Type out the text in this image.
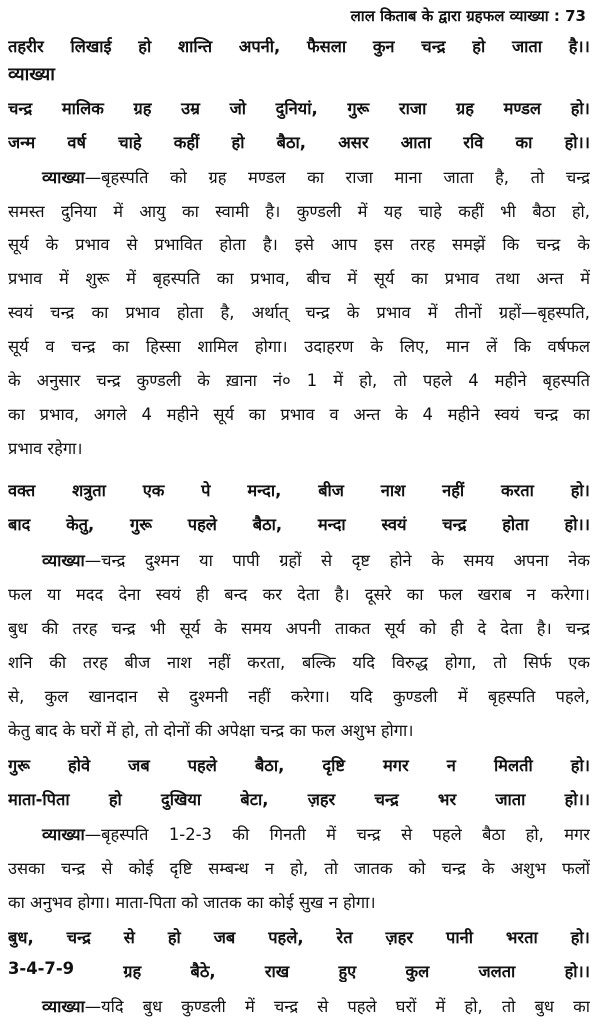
लाल किताब के द्वारा ग्रहफल व्याख्या : 73
तहरीर लिखाई हो शान्ति अपनी, फैसला कुन चन्द्र हो जाता है।।
व्याख्या
चन्द्र मालिक ग्रह उम्र जो दुनियां, गुरू राजा ग्रह मण्डल हो।
जन्म वर्ष चाहे कहीं हो बैठा, असर आता रवि का हो।।
व्याख्या—बृहस्पति को ग्रह मण्डल का राजा माना जाता है, तो चन्द्र
समस्त दुनिया में आयु का स्वामी है। कुण्डली में यह चाहे कहीं भी बैठा हो,
सूर्य के प्रभाव से प्रभावित होता है। इसे आप इस तरह समझें कि चन्द्र के
प्रभाव में शुरू में बृहस्पति का प्रभाव, बीच में सूर्य का प्रभाव तथा अन्त में
स्वयं चन्द्र का प्रभाव होता है, अर्थात् चन्द्र के प्रभाव में तीनों ग्रहों—बृहस्पति,
सूर्य व चन्द्र का हिस्सा शामिल होगा। उदाहरण के लिए, मान लें कि वर्षफल
के अनुसार चन्द्र कुण्डली के ख़ाना नं० 1 में हो, तो पहले 4 महीने बृहस्पति
का प्रभाव, अगले 4 महीने सूर्य का प्रभाव व अन्त के 4 महीने स्वयं चन्द्र का
प्रभाव रहेगा।
वक्त शत्रुता एक पे मन्दा, बीज नाश नहीं करता हो।
बाद केतु, गुरू पहले बैठा, मन्दा स्वयं चन्द्र होता हो।।
व्याख्या—चन्द्र दुश्मन या पापी ग्रहों से दृष्ट होने के समय अपना नेक
फल या मदद देना स्वयं ही बन्द कर देता है। दूसरे का फल खराब न करेगा।
बुध की तरह चन्द्र भी सूर्य के समय अपनी ताकत सूर्य को ही दे देता है। चन्द्र
शनि की तरह बीज नाश नहीं करता, बल्कि यदि विरुद्ध होगा, तो सिर्फ एक
से, कुल खानदान से दुश्मनी नहीं करेगा। यदि कुण्डली में बृहस्पति पहले,
केतु बाद के घरों में हो, तो दोनों की अपेक्षा चन्द्र का फल अशुभ होगा।
गुरू होवे जब पहले बैठा, दृष्टि मगर न मिलती हो।
माता-पिता हो दुखिया बेटा, ज़हर चन्द्र भर जाता हो।।
व्याख्या—बृहस्पति 1-2-3 की गिनती में चन्द्र से पहले बैठा हो, मगर
उसका चन्द्र से कोई दृष्टि सम्बन्ध न हो, तो जातक को चन्द्र के अशुभ फलों
का अनुभव होगा। माता-पिता को जातक का कोई सुख न होगा।
बुध, चन्द्र से हो जब पहले, रेत ज़हर पानी भरता हो।
3-4-7-9	ग्रह	बैठे,	राख	हुए	कुल	जलता	हो।।
व्याख्या—यदि बुध कुण्डली में चन्द्र से पहले घरों में हो, तो बुध का
